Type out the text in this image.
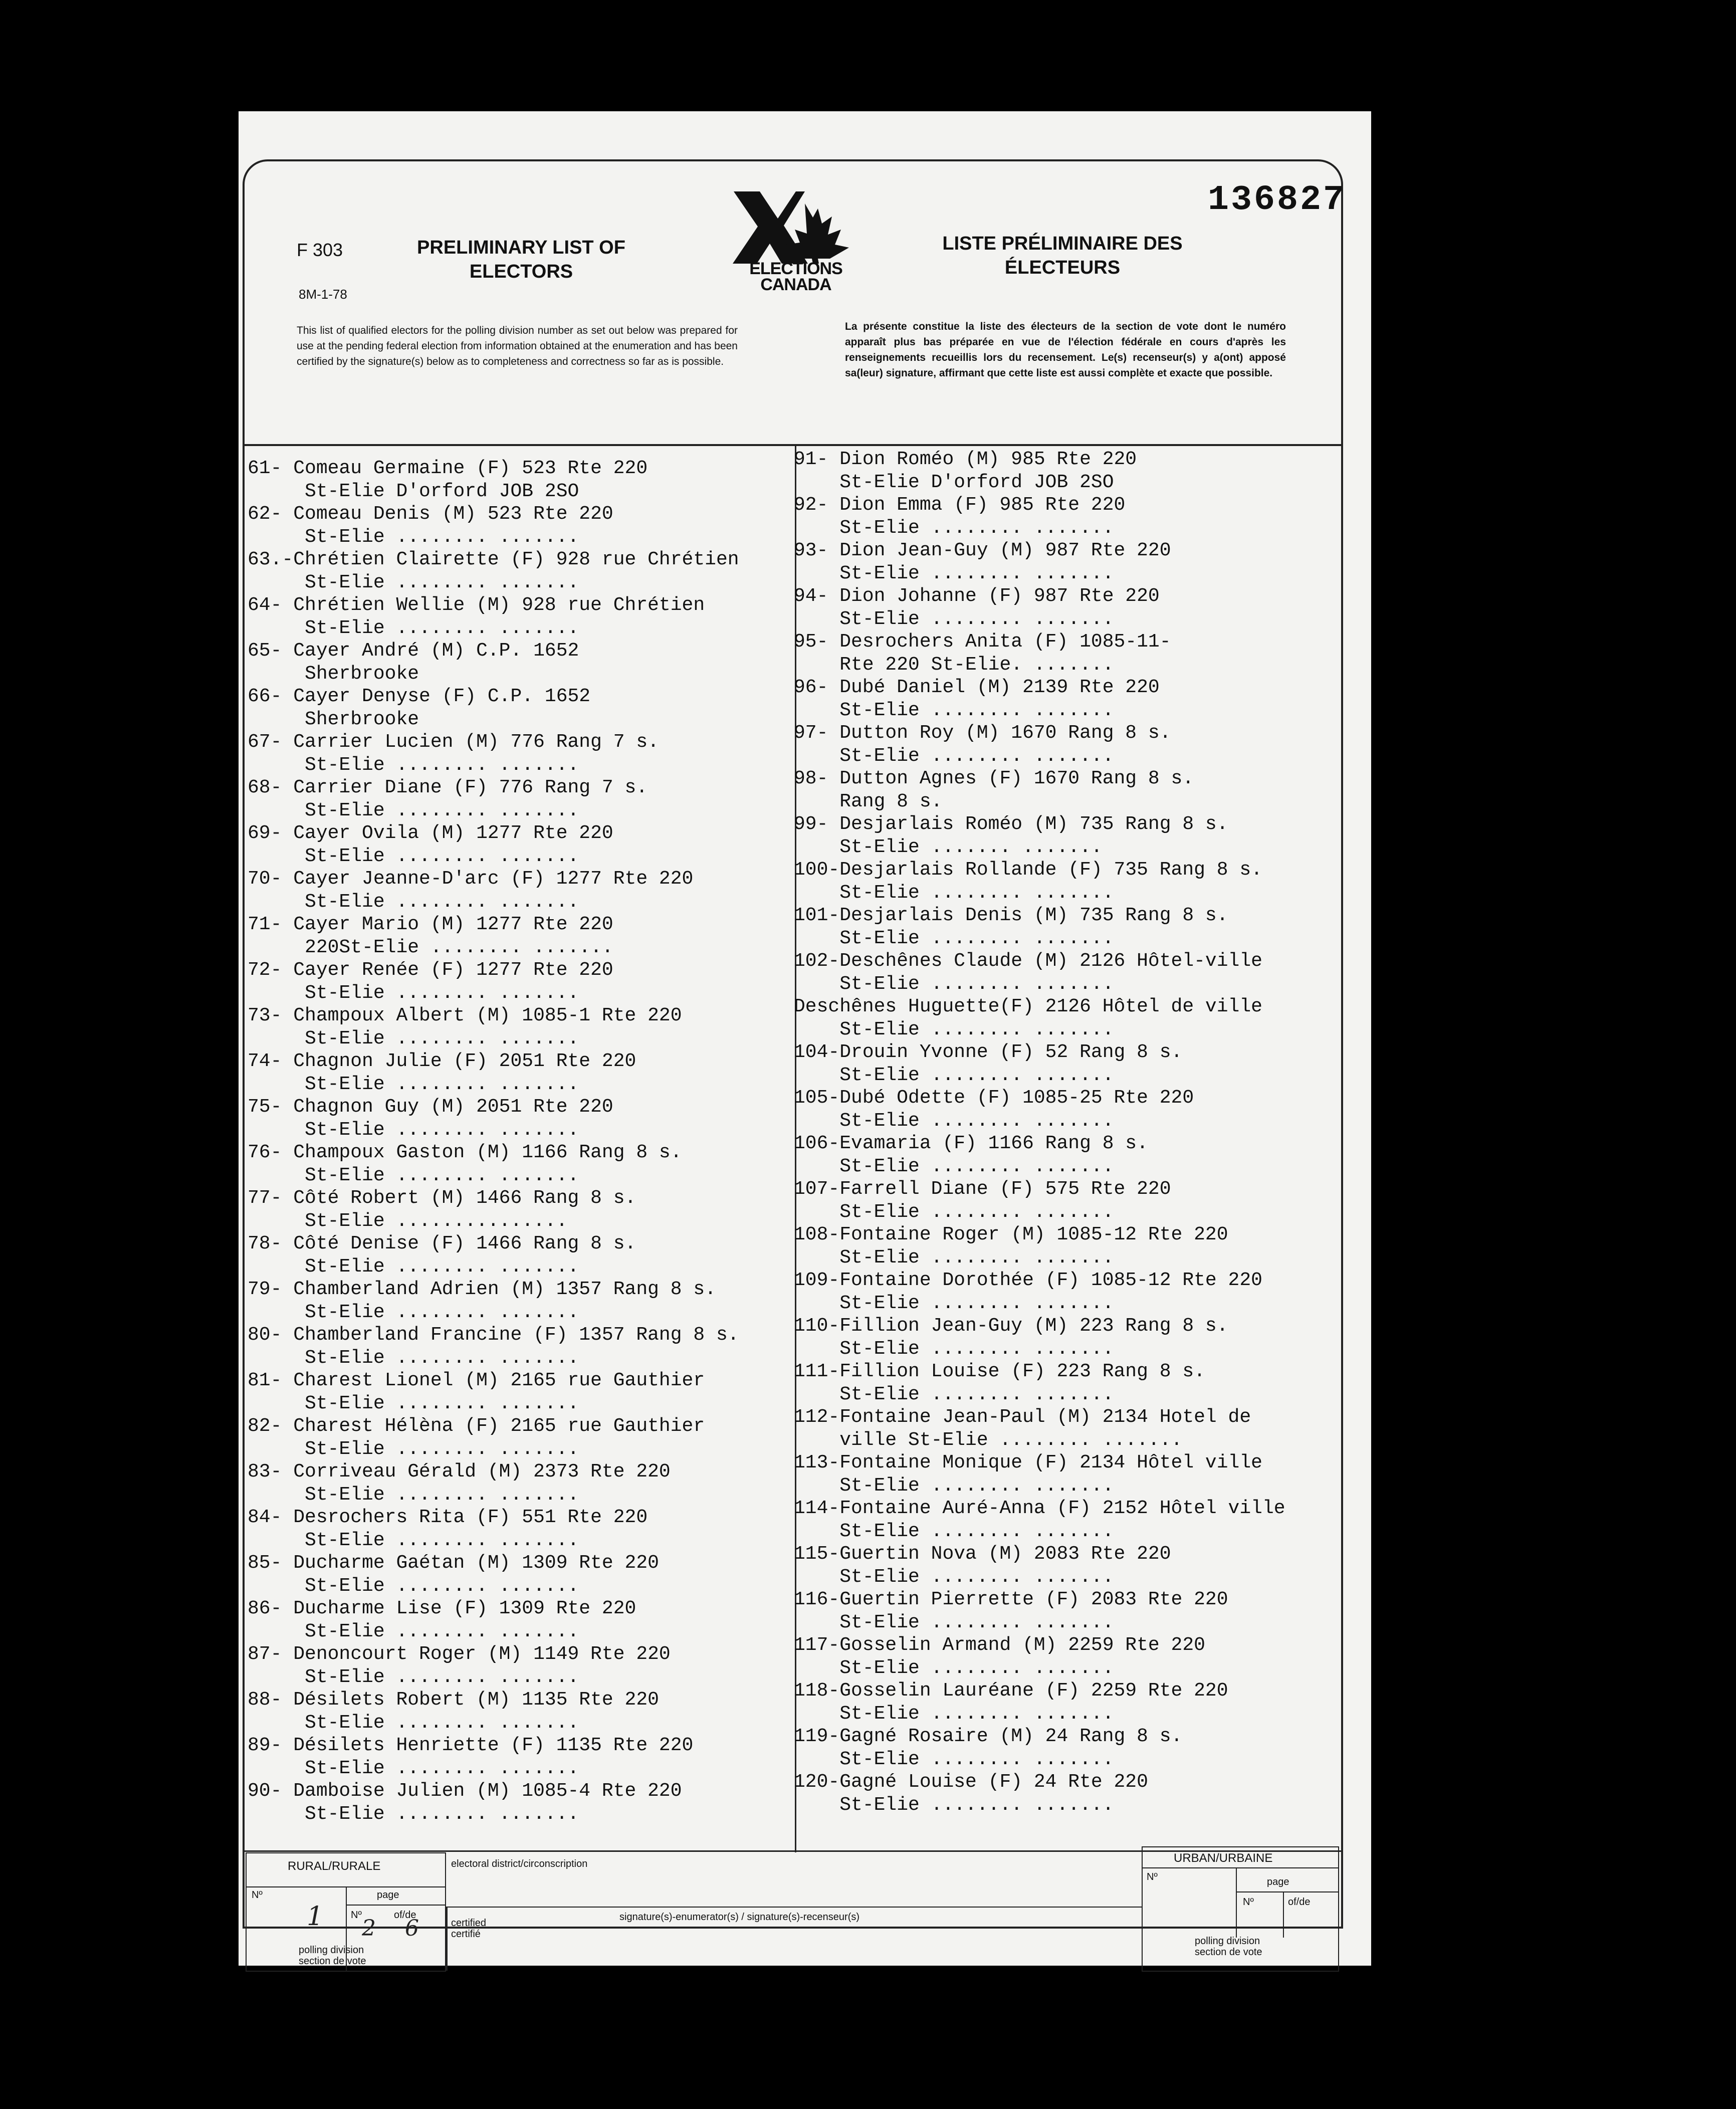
136827
F 303
8M-1-78
PRELIMINARY LIST OF
ELECTORS	ELECTIONS
CANADA
LISTE PRÉLIMINAIRE DES
ÉLECTEURS
This list of qualified electors for the polling division number as set out below was prepared for use at the pending federal election from information obtained at the enumeration and has been certified by the signature(s) below as to completeness and correctness so far as is possible.
La présente constitue la liste des électeurs de la section de vote dont le numéro apparaît plus bas préparée en vue de l'élection fédérale en cours d'après les renseignements recueillis lors du recensement. Le(s) recenseur(s) y a(ont) apposé sa(leur) signature, affirmant que cette liste est aussi complète et exacte que possible.
61- Comeau Germaine (F) 523 Rte 220
St-Elie D'orford JOB 2SO
62- Comeau Denis (M) 523 Rte 220
St-Elie ........ .......
63.-Chrétien Clairette (F) 928 rue Chrétien
St-Elie ........ .......
64- Chrétien Wellie (M) 928 rue Chrétien
St-Elie ........ .......
65- Cayer André (M) C.P. 1652
Sherbrooke
66- Cayer Denyse (F) C.P. 1652
Sherbrooke
67- Carrier Lucien (M) 776 Rang 7 s.
St-Elie ........ .......
68- Carrier Diane (F) 776 Rang 7 s.
St-Elie ........ .......
69- Cayer Ovila (M) 1277 Rte 220
St-Elie ........ .......
70- Cayer Jeanne-D'arc (F) 1277 Rte 220
St-Elie ........ .......
71- Cayer Mario (M) 1277 Rte 220
220St-Elie ........ .......
72- Cayer Renée (F) 1277 Rte 220
St-Elie ........ .......
73- Champoux Albert (M) 1085-1 Rte 220
St-Elie ........ .......
74- Chagnon Julie (F) 2051 Rte 220
St-Elie ........ .......
75- Chagnon Guy (M) 2051 Rte 220
St-Elie ........ .......
76- Champoux Gaston (M) 1166 Rang 8 s.
St-Elie ........ .......
77- Côté Robert (M) 1466 Rang 8 s.
St-Elie ...............
78- Côté Denise (F) 1466 Rang 8 s.
St-Elie ........ .......
79- Chamberland Adrien (M) 1357 Rang 8 s.
St-Elie ........ .......
80- Chamberland Francine (F) 1357 Rang 8 s.
St-Elie ........ .......
81- Charest Lionel (M) 2165 rue Gauthier
St-Elie ........ .......
82- Charest Hélèna (F) 2165 rue Gauthier
St-Elie ........ .......
83- Corriveau Gérald (M) 2373 Rte 220
St-Elie ........ .......
84- Desrochers Rita (F) 551 Rte 220
St-Elie ........ .......
85- Ducharme Gaétan (M) 1309 Rte 220
St-Elie ........ .......
86- Ducharme Lise (F) 1309 Rte 220
St-Elie ........ .......
87- Denoncourt Roger (M) 1149 Rte 220
St-Elie ........ .......
88- Désilets Robert (M) 1135 Rte 220
St-Elie ........ .......
89- Désilets Henriette (F) 1135 Rte 220
St-Elie ........ .......
90- Damboise Julien (M) 1085-4 Rte 220
St-Elie ........ .......
91- Dion Roméo (M) 985 Rte 220
St-Elie D'orford JOB 2SO
92- Dion Emma (F) 985 Rte 220
St-Elie ........ .......
93- Dion Jean-Guy (M) 987 Rte 220
St-Elie ........ .......
94- Dion Johanne (F) 987 Rte 220
St-Elie ........ .......
95- Desrochers Anita (F) 1085-11-
Rte 220 St-Elie. .......
96- Dubé Daniel (M) 2139 Rte 220
St-Elie ........ .......
97- Dutton Roy (M) 1670 Rang 8 s.
St-Elie ........ .......
98- Dutton Agnes (F) 1670 Rang 8 s.
Rang 8 s.
99- Desjarlais Roméo (M) 735 Rang 8 s.
St-Elie ....... .......
100-Desjarlais Rollande (F) 735 Rang 8 s.
St-Elie ........ .......
101-Desjarlais Denis (M) 735 Rang 8 s.
St-Elie ........ .......
102-Deschênes Claude (M) 2126 Hôtel-ville
St-Elie ........ .......
Deschênes Huguette(F) 2126 Hôtel de ville
St-Elie ........ .......
104-Drouin Yvonne (F) 52 Rang 8 s.
St-Elie ........ .......
105-Dubé Odette (F) 1085-25 Rte 220
St-Elie ........ .......
106-Evamaria (F) 1166 Rang 8 s.
St-Elie ........ .......
107-Farrell Diane (F) 575 Rte 220
St-Elie ........ .......
108-Fontaine Roger (M) 1085-12 Rte 220
St-Elie ........ .......
109-Fontaine Dorothée (F) 1085-12 Rte 220
St-Elie ........ .......
110-Fillion Jean-Guy (M) 223 Rang 8 s.
St-Elie ........ .......
111-Fillion Louise (F) 223 Rang 8 s.
St-Elie ........ .......
112-Fontaine Jean-Paul (M) 2134 Hotel de
ville St-Elie ........ .......
113-Fontaine Monique (F) 2134 Hôtel ville
St-Elie ........ .......
114-Fontaine Auré-Anna (F) 2152 Hôtel ville
St-Elie ........ .......
115-Guertin Nova (M) 2083 Rte 220
St-Elie ........ .......
116-Guertin Pierrette (F) 2083 Rte 220
St-Elie ........ .......
117-Gosselin Armand (M) 2259 Rte 220
St-Elie ........ .......
118-Gosselin Lauréane (F) 2259 Rte 220
St-Elie ........ .......
119-Gagné Rosaire (M) 24 Rang 8 s.
St-Elie ........ .......
120-Gagné Louise (F) 24 Rte 220
St-Elie ........ .......
RURAL/RURALE
Nº	page
Nº	of/de
1 2 6
polling division
section de vote
electoral district/circonscription
certified
certifié
signature(s)-enumerator(s) / signature(s)-recenseur(s)
URBAN/URBAINE
Nº	page
Nº	of/de
polling division
section de vote
